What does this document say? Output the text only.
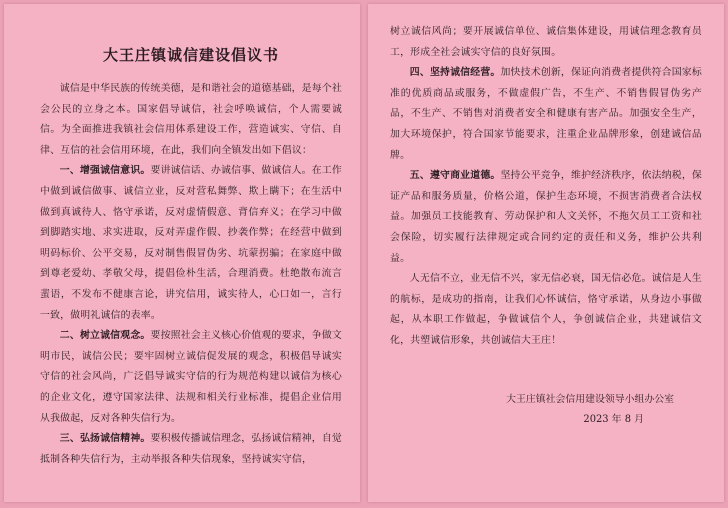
大王庄镇诚信建设倡议书

诚信是中华民族的传统美德，是和谐社会的道德基础，是每个社会公民的立身之本。国家倡导诚信，社会呼唤诚信，个人需要诚信。为全面推进我镇社会信用体系建设工作，营造诚实、守信、自律、互信的社会信用环境，在此，我们向全镇发出如下倡议：

一、增强诚信意识。要讲诚信话、办诚信事、做诚信人。在工作中做到诚信做事、诚信立业，反对营私舞弊、欺上瞒下；在生活中做到真诚待人、恪守承诺，反对虚情假意、背信弃义；在学习中做到脚踏实地、求实进取，反对弄虚作假、抄袭作弊；在经营中做到明码标价、公平交易，反对制售假冒伪劣、坑蒙拐骗；在家庭中做到尊老爱幼、孝敬父母，提倡俭朴生活，合理消费。杜绝散布流言蜚语，不发布不健康言论，讲究信用，诚实待人，心口如一，言行一致，做明礼诚信的表率。

二、树立诚信观念。要按照社会主义核心价值观的要求，争做文明市民，诚信公民；要牢固树立诚信促发展的观念，积极倡导诚实守信的社会风尚，广泛倡导诚实守信的行为规范构建以诚信为核心的企业文化，遵守国家法律、法规和相关行业标准，提倡企业信用从我做起，反对各种失信行为。

三、弘扬诚信精神。要积极传播诚信理念，弘扬诚信精神，自觉抵制各种失信行为，主动举报各种失信现象，坚持诚实守信，

树立诚信风尚；要开展诚信单位、诚信集体建设，用诚信理念教育员工，形成全社会诚实守信的良好氛围。

四、坚持诚信经营。加快技术创新，保证向消费者提供符合国家标准的优质商品或服务，不做虚假广告，不生产、不销售假冒伪劣产品，不生产、不销售对消费者安全和健康有害产品。加强安全生产，加大环境保护，符合国家节能要求，注重企业品牌形象，创建诚信品牌。

五、遵守商业道德。坚持公平竞争，维护经济秩序，依法纳税，保证产品和服务质量，价格公道，保护生态环境，不损害消费者合法权益。加强员工技能教育、劳动保护和人文关怀，不拖欠员工工资和社会保险，切实履行法律规定或合同约定的责任和义务，维护公共利益。

人无信不立，业无信不兴，家无信必衰，国无信必危。诚信是人生的航标，是成功的指南，让我们心怀诚信，恪守承诺，从身边小事做起，从本职工作做起，争做诚信个人，争创诚信企业，共建诚信文化，共塑诚信形象，共创诚信大王庄！

大王庄镇社会信用建设领导小组办公室
2023 年 8 月
